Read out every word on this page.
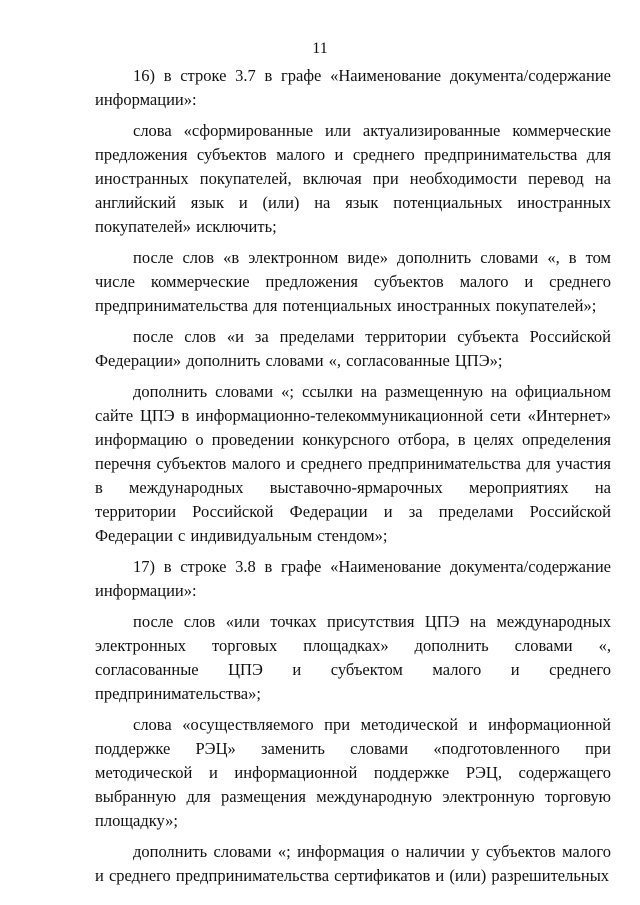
11

16) в строке 3.7 в графе «Наименование документа/содержание информации»:

слова «сформированные или актуализированные коммерческие предложения субъектов малого и среднего предпринимательства для иностранных покупателей, включая при необходимости перевод на английский язык и (или) на язык потенциальных иностранных покупателей» исключить;

после слов «в электронном виде» дополнить словами «, в том числе коммерческие предложения субъектов малого и среднего предпринимательства для потенциальных иностранных покупателей»;

после слов «и за пределами территории субъекта Российской Федерации» дополнить словами «, согласованные ЦПЭ»;

дополнить словами «; ссылки на размещенную на официальном сайте ЦПЭ в информационно-телекоммуникационной сети «Интернет» информацию о проведении конкурсного отбора, в целях определения перечня субъектов малого и среднего предпринимательства для участия в международных выставочно-ярмарочных мероприятиях на территории Российской Федерации и за пределами Российской Федерации с индивидуальным стендом»;

17) в строке 3.8 в графе «Наименование документа/содержание информации»:

после слов «или точках присутствия ЦПЭ на международных электронных торговых площадках» дополнить словами «, согласованные ЦПЭ и субъектом малого и среднего предпринимательства»;

слова «осуществляемого при методической и информационной поддержке РЭЦ» заменить словами «подготовленного при методической и информационной поддержке РЭЦ, содержащего выбранную для размещения международную электронную торговую площадку»;

дополнить словами «; информация о наличии у субъектов малого и среднего предпринимательства сертификатов и (или) разрешительных
